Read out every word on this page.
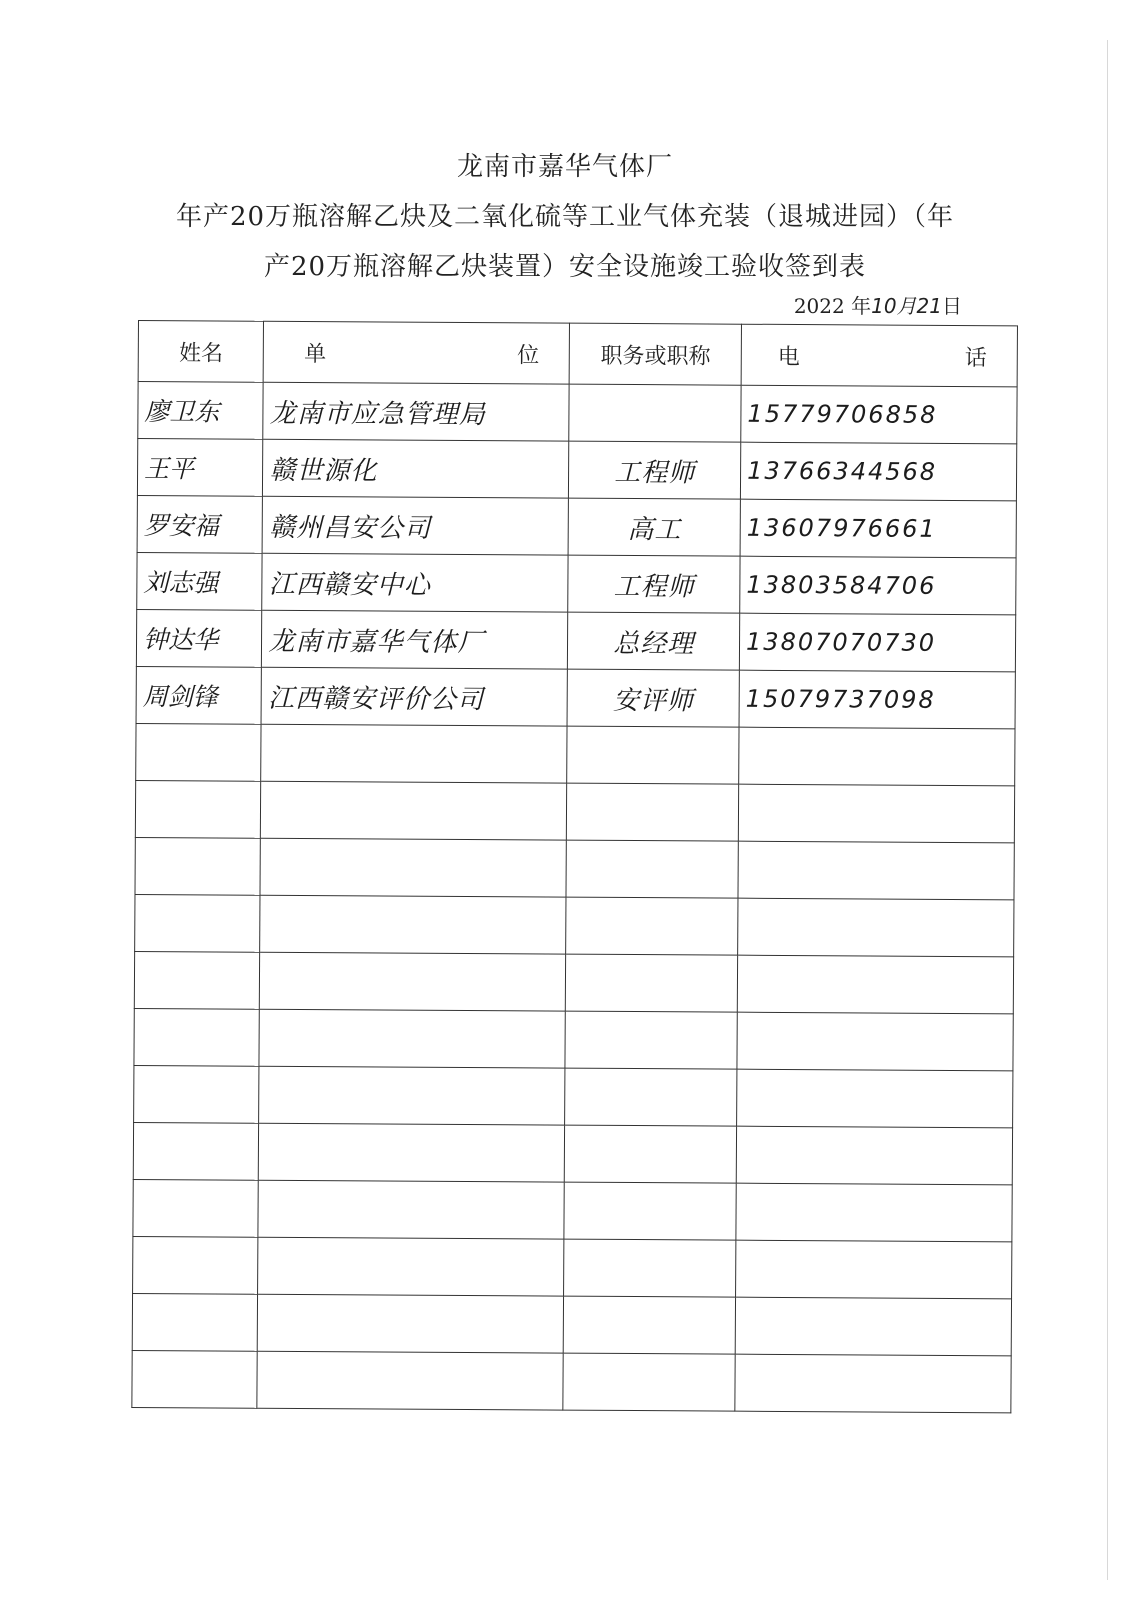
龙南市嘉华气体厂
年产20万瓶溶解乙炔及二氧化硫等工业气体充装（退城进园）（年
产20万瓶溶解乙炔装置）安全设施竣工验收签到表
2022 年10月21日
姓名	单 位	职务或职称	电 话

廖卫东	龙南市应急管理局		15779706858
王平	赣世源化	工程师	13766344568
罗安福	赣州昌安公司	高工	13607976661
刘志强	江西赣安中心	工程师	13803584706
钟达华	龙南市嘉华气体厂	总经理	13807070730
周剑锋	江西赣安评价公司	安评师	15079737098
